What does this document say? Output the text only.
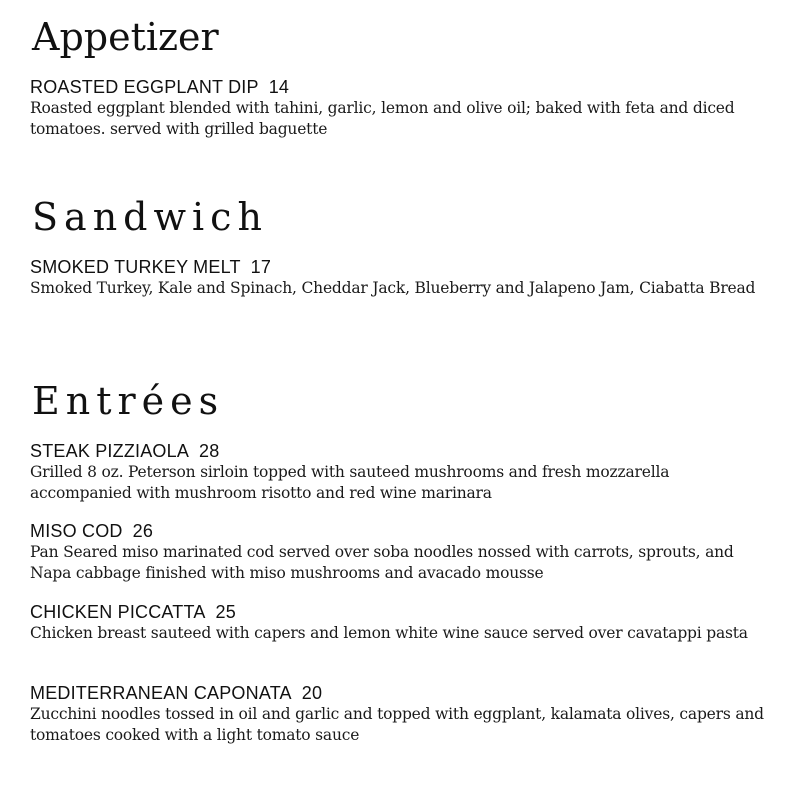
Appetizer
ROASTED EGGPLANT DIP 14
Roasted eggplant blended with tahini, garlic, lemon and olive oil; baked with feta and diced tomatoes. served with grilled baguette
Sandwich
SMOKED TURKEY MELT 17
Smoked Turkey, Kale and Spinach, Cheddar Jack, Blueberry and Jalapeno Jam, Ciabatta Bread
Entrées
STEAK PIZZIAOLA 28
Grilled 8 oz. Peterson sirloin topped with sauteed mushrooms and fresh mozzarella accompanied with mushroom risotto and red wine marinara
MISO COD 26
Pan Seared miso marinated cod served over soba noodles nossed with carrots, sprouts, and Napa cabbage finished with miso mushrooms and avacado mousse
CHICKEN PICCATTA 25
Chicken breast sauteed with capers and lemon white wine sauce served over cavatappi pasta
MEDITERRANEAN CAPONATA 20
Zucchini noodles tossed in oil and garlic and topped with eggplant, kalamata olives, capers and tomatoes cooked with a light tomato sauce
